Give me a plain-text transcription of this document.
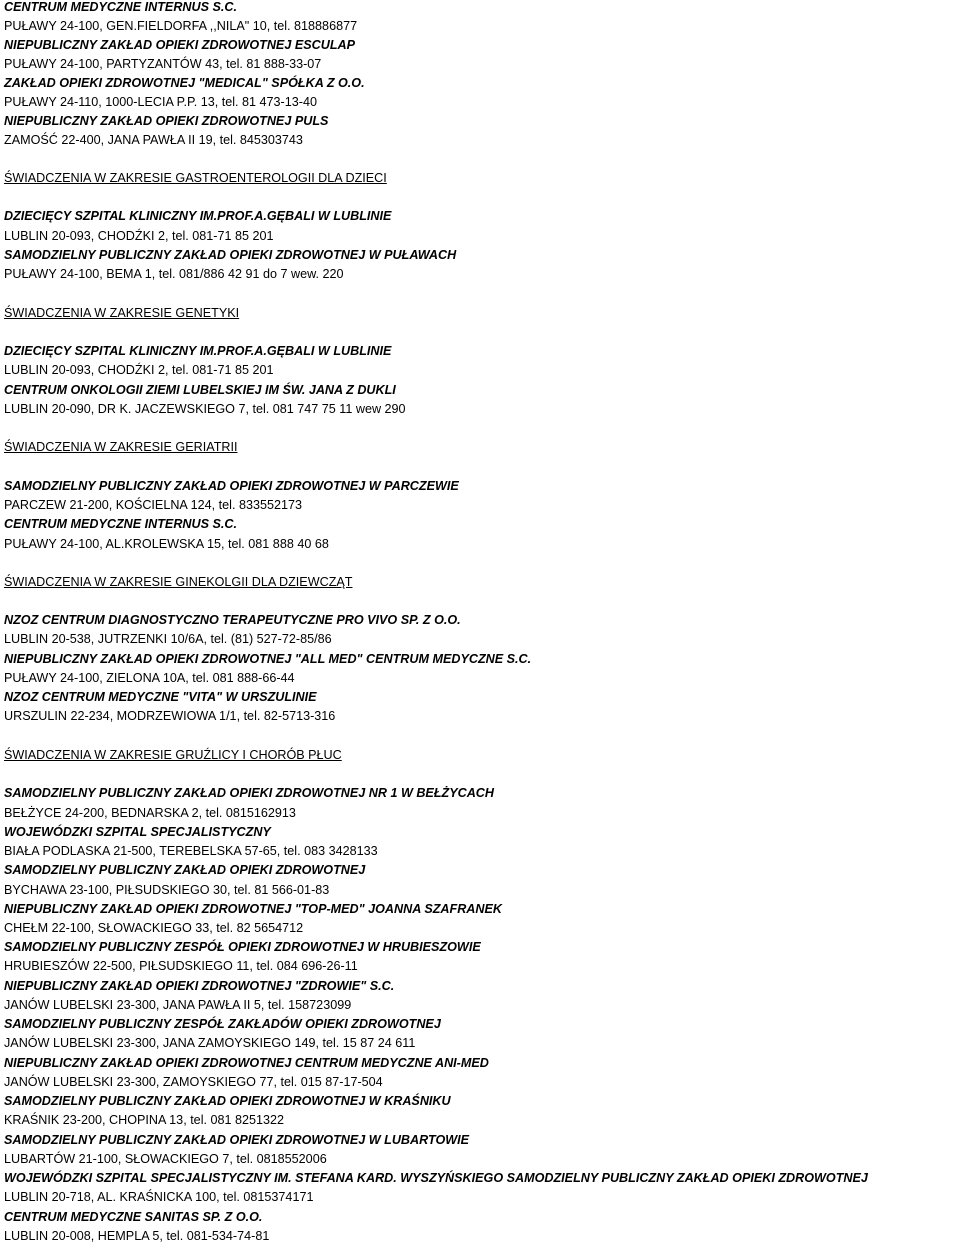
CENTRUM MEDYCZNE INTERNUS S.C.
PUŁAWY 24-100, GEN.FIELDORFA ,,NILA" 10, tel. 818886877
NIEPUBLICZNY ZAKŁAD OPIEKI ZDROWOTNEJ ESCULAP
PUŁAWY 24-100, PARTYZANTÓW 43, tel. 81 888-33-07
ZAKŁAD OPIEKI ZDROWOTNEJ "MEDICAL" SPÓŁKA Z O.O.
PUŁAWY 24-110, 1000-LECIA P.P. 13, tel. 81 473-13-40
NIEPUBLICZNY ZAKŁAD OPIEKI ZDROWOTNEJ PULS
ZAMOŚĆ 22-400, JANA PAWŁA II 19, tel. 845303743
ŚWIADCZENIA W ZAKRESIE GASTROENTEROLOGII DLA DZIECI
DZIECIĘCY SZPITAL KLINICZNY IM.PROF.A.GĘBALI W LUBLINIE
LUBLIN 20-093, CHODŹKI 2, tel. 081-71 85 201
SAMODZIELNY PUBLICZNY ZAKŁAD OPIEKI ZDROWOTNEJ W PUŁAWACH
PUŁAWY 24-100, BEMA 1, tel. 081/886 42 91 do 7 wew. 220
ŚWIADCZENIA W ZAKRESIE GENETYKI
DZIECIĘCY SZPITAL KLINICZNY IM.PROF.A.GĘBALI W LUBLINIE
LUBLIN 20-093, CHODŹKI 2, tel. 081-71 85 201
CENTRUM ONKOLOGII ZIEMI LUBELSKIEJ IM ŚW. JANA Z DUKLI
LUBLIN 20-090, DR K. JACZEWSKIEGO 7, tel. 081 747 75 11 wew 290
ŚWIADCZENIA W ZAKRESIE GERIATRII
SAMODZIELNY PUBLICZNY ZAKŁAD OPIEKI ZDROWOTNEJ W PARCZEWIE
PARCZEW 21-200, KOŚCIELNA 124, tel. 833552173
CENTRUM MEDYCZNE INTERNUS S.C.
PUŁAWY 24-100, AL.KROLEWSKA 15, tel. 081 888 40 68
ŚWIADCZENIA W ZAKRESIE GINEKOLGII DLA DZIEWCZĄT
NZOZ CENTRUM DIAGNOSTYCZNO TERAPEUTYCZNE PRO VIVO SP. Z O.O.
LUBLIN 20-538, JUTRZENKI 10/6A, tel. (81) 527-72-85/86
NIEPUBLICZNY ZAKŁAD OPIEKI ZDROWOTNEJ "ALL MED" CENTRUM MEDYCZNE S.C.
PUŁAWY 24-100, ZIELONA 10A, tel. 081 888-66-44
NZOZ CENTRUM MEDYCZNE "VITA" W URSZULINIE
URSZULIN 22-234, MODRZEWIOWA 1/1, tel. 82-5713-316
ŚWIADCZENIA W ZAKRESIE GRUŹLICY I CHORÓB PŁUC
SAMODZIELNY PUBLICZNY ZAKŁAD OPIEKI ZDROWOTNEJ NR 1 W BEŁŻYCACH
BEŁŻYCE 24-200, BEDNARSKA 2, tel. 0815162913
WOJEWÓDZKI SZPITAL SPECJALISTYCZNY
BIAŁA PODLASKA 21-500, TEREBELSKA 57-65, tel. 083 3428133
SAMODZIELNY PUBLICZNY ZAKŁAD OPIEKI ZDROWOTNEJ
BYCHAWA 23-100, PIŁSUDSKIEGO 30, tel. 81 566-01-83
NIEPUBLICZNY ZAKŁAD OPIEKI ZDROWOTNEJ "TOP-MED" JOANNA SZAFRANEK
CHEŁM 22-100, SŁOWACKIEGO 33, tel. 82 5654712
SAMODZIELNY PUBLICZNY ZESPÓŁ OPIEKI ZDROWOTNEJ W HRUBIESZOWIE
HRUBIESZÓW 22-500, PIŁSUDSKIEGO 11, tel. 084 696-26-11
NIEPUBLICZNY ZAKŁAD OPIEKI ZDROWOTNEJ "ZDROWIE" S.C.
JANÓW LUBELSKI 23-300, JANA PAWŁA II 5, tel. 158723099
SAMODZIELNY PUBLICZNY ZESPÓŁ ZAKŁADÓW OPIEKI ZDROWOTNEJ
JANÓW LUBELSKI 23-300, JANA ZAMOYSKIEGO 149, tel. 15 87 24 611
NIEPUBLICZNY ZAKŁAD OPIEKI ZDROWOTNEJ CENTRUM MEDYCZNE ANI-MED
JANÓW LUBELSKI 23-300, ZAMOYSKIEGO 77, tel. 015 87-17-504
SAMODZIELNY PUBLICZNY ZAKŁAD OPIEKI ZDROWOTNEJ W KRAŚNIKU
KRAŚNIK 23-200, CHOPINA 13, tel. 081 8251322
SAMODZIELNY PUBLICZNY ZAKŁAD OPIEKI ZDROWOTNEJ W LUBARTOWIE
LUBARTÓW 21-100, SŁOWACKIEGO 7, tel. 0818552006
WOJEWÓDZKI SZPITAL SPECJALISTYCZNY IM. STEFANA KARD. WYSZYŃSKIEGO SAMODZIELNY PUBLICZNY ZAKŁAD OPIEKI ZDROWOTNEJ
LUBLIN 20-718, AL. KRAŚNICKA 100, tel. 0815374171
CENTRUM MEDYCZNE SANITAS SP. Z O.O.
LUBLIN 20-008, HEMPLA 5, tel. 081-534-74-81
